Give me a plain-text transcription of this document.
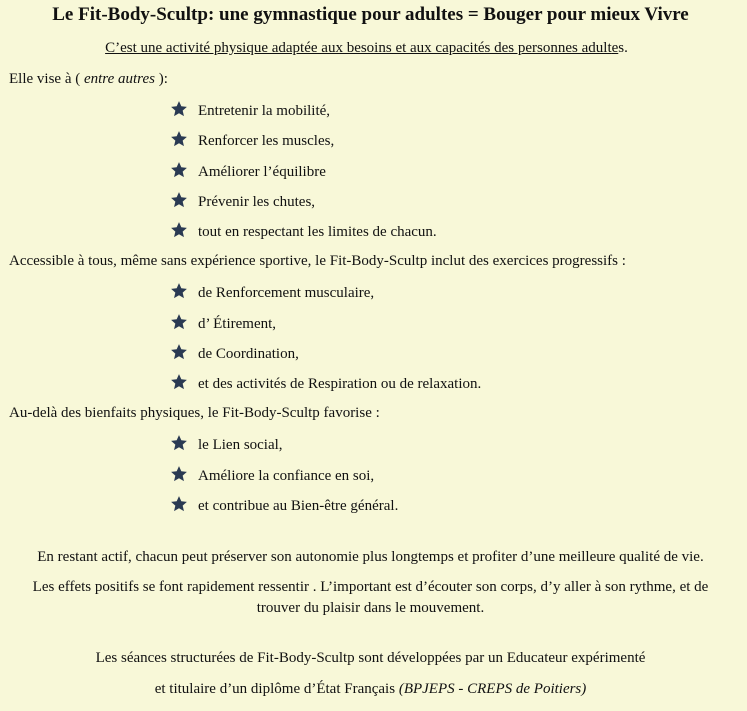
Le Fit-Body-Scultp: une gymnastique pour adultes = Bouger pour mieux Vivre
C’est une activité physique adaptée aux besoins et aux capacités des personnes adultes.
Elle vise à ( entre autres ):
Entretenir la mobilité,
Renforcer les muscles,
Améliorer l’équilibre
Prévenir les chutes,
tout en respectant les limites de chacun.
Accessible à tous, même sans expérience sportive, le Fit-Body-Scultp inclut des exercices progressifs :
de Renforcement musculaire,
d’ Étirement,
de Coordination,
et des activités de Respiration ou de relaxation.
Au-delà des bienfaits physiques, le Fit-Body-Scultp favorise :
le Lien social,
Améliore la confiance en soi,
et contribue au Bien-être général.
En restant actif, chacun peut préserver son autonomie plus longtemps et profiter d’une meilleure qualité de vie.
Les effets positifs se font rapidement ressentir . L’important est d’écouter son corps, d’y aller à son rythme, et de
trouver du plaisir dans le mouvement.
Les séances structurées de Fit-Body-Scultp sont développées par un Educateur expérimenté
et titulaire d’un diplôme d’État Français (BPJEPS - CREPS de Poitiers)
